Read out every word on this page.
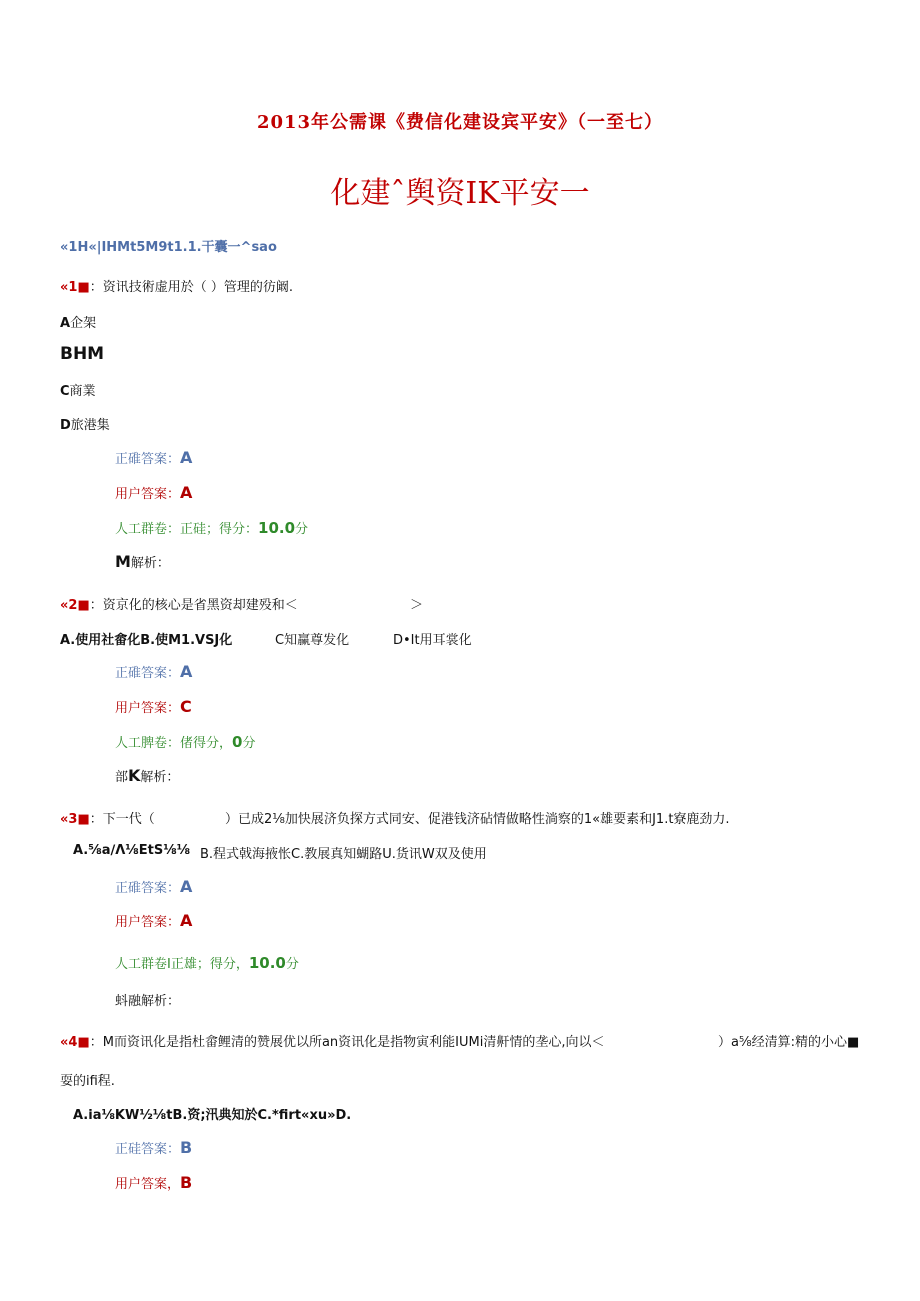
2013年公需课《费信化建设宾平安》（一至七）
化建ˆ舆资IK平安一
«1H«|IHMt5M9t1.1.干囊一^sao
«1■：资讯技術虚用於（ ）管理的彷阚.
A企架
BHM
C商業
D旅港集
正碓答案：A
用户答案：A
人工群卷：正硅；得分：10.0分
M解析：
«2■：资京化的核心是省黑资却建殁和＜	＞
A.使用社畲化B.使M1.VSJ化	C知赢尊发化	D•It用耳裳化
正碓答案：A
用户答案：C
人工脾卷：偖得分，0分
部K解析：
«3■：下一代（	）已成2⅛加快展济负探方式同安、促港钱济砧情做略性淌察的1«雄要素和J1.t寮鹿劲力.
A.⅝a∕Λ⅛EtS⅛⅛ B.程式戟海掖怅C.教展真知蝴路U.货讯W双及使用
正碓答案：A
用户答案：A
人工群卷I正雄；得分，10.0分
蚪融解析：
«4■：M而资讯化是指杜畲鲤清的赞展优以所an资讯化是指物寅利能IUMi清鼾情的垄心,向以＜	）a⅝经清算:精的小心■
耍的ifi程.
A.ia⅛KW½⅛tB.资;汛典知於C.*firt«xu»D.
正硅答案：B
用户答案，B
